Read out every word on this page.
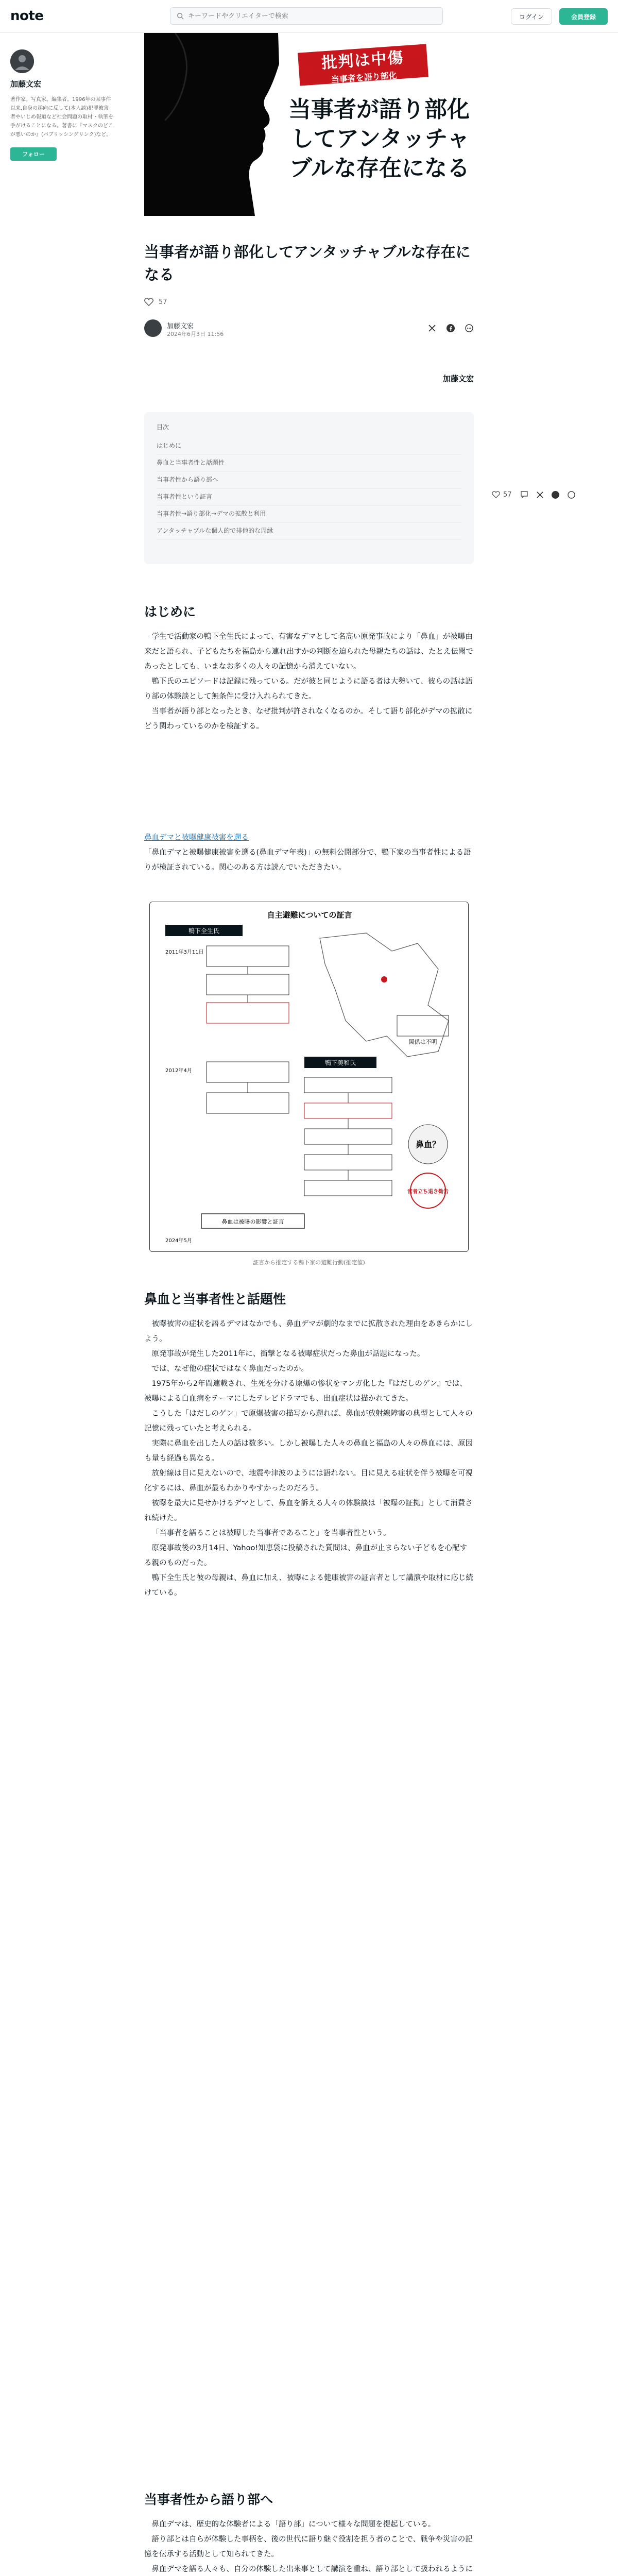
note
キーワードやクリエイターで検索	ログイン	会員登録
加藤文宏
著作家。写真家。編集者。1996年の某事件以来,自身の趣向に反して(本人談)犯罪被害者やいじめ報道など社会問題の取材・執筆を手がけることになる。著書に『マスクのどこが悪いのか』(パブリッシングリンク)など。
フォロー
批判は中傷
当事者を語り部化
当事者が語り部化してアンタッチャブルな存在になる
当事者が語り部化してアンタッチャブルな存在になる
57
加藤文宏
2024年6月3日 11:56
加藤文宏
目次
はじめに
鼻血と当事者性と話題性
当事者性から語り部へ
当事者性という証言
当事者性→語り部化→デマの拡散と利用
アンタッチャブルな個人的で排他的な周縁
57
はじめに

学生で活動家の鴨下全生氏によって、有害なデマとして名高い原発事故により「鼻血」が被曝由来だと語られ、子どもたちを福島から連れ出すかの判断を迫られた母親たちの話は、たとえ伝聞であったとしても、いまなお多くの人々の記憶から消えていない。

鴨下氏のエピソードは記録に残っている。だが彼と同じように語る者は大勢いて、彼らの話は語り部の体験談として無条件に受け入れられてきた。

当事者が語り部となったとき、なぜ批判が許されなくなるのか。そして語り部化がデマの拡散にどう関わっているのかを検証する。

鼻血デマと被曝健康被害を遡る
「鼻血デマと被曝健康被害を遡る(鼻血デマ年表)」の無料公開部分で、鴨下家の当事者性による語りが検証されている。関心のある方は読んでいただきたい。
自主避難についての証言
鴨下全生氏
2011年3月11日
関係は不明
2012年4月
鴨下美和氏
鼻血？
官者立ち退き勧告
鼻血は被曝の影響と証言
2024年5月
証言から推定する鴨下家の避難行動(推定値)
鼻血と当事者性と話題性

被曝被害の症状を語るデマはなかでも、鼻血デマが劇的なまでに拡散された理由をあきらかにしよう。

原発事故が発生した2011年に、衝撃となる被曝症状だった鼻血が話題になった。

では、なぜ他の症状ではなく鼻血だったのか。

1975年から2年間連載され、生死を分ける原爆の惨状をマンガ化した『はだしのゲン』では、被曝による白血病をテーマにしたテレビドラマでも、出血症状は描かれてきた。

こうした「はだしのゲン」で原爆被害の描写から遡れば、鼻血が放射線障害の典型として人々の記憶に残っていたと考えられる。

実際に鼻血を出した人の話は数多い。しかし被曝した人々の鼻血と福島の人々の鼻血には、原因も量も経過も異なる。

放射線は目に見えないので、地震や津波のようには語れない。目に見える症状を伴う被曝を可視化するには、鼻血が最もわかりやすかったのだろう。

被曝を最大に見せかけるデマとして、鼻血を訴える人々の体験談は「被曝の証拠」として消費され続けた。

「当事者を語ることは被曝した当事者であること」を当事者性という。

原発事故後の3月14日、Yahoo!知恵袋に投稿された質問は、鼻血が止まらない子どもを心配する親のものだった。

鴨下全生氏と彼の母親は、鼻血に加え、被曝による健康被害の証言者として講演や取材に応じ続けている。

当事者性から語り部へ

鼻血デマは、歴史的な体験者による「語り部」について様々な問題を提起している。

語り部とは自らが体験した事柄を、後の世代に語り継ぐ役割を担う者のことで、戦争や災害の記憶を伝承する活動として知られてきた。

鼻血デマを語る人々も、自分の体験した出来事として講演を重ね、語り部として扱われるように
